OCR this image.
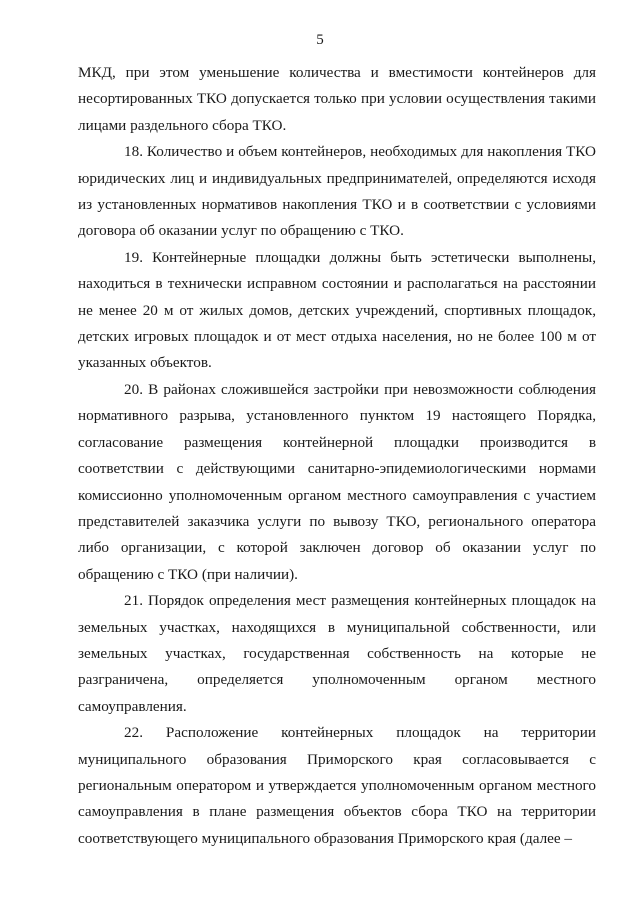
5

МКД, при этом уменьшение количества и вместимости контейнеров для несортированных ТКО допускается только при условии осуществления такими лицами раздельного сбора ТКО.

18. Количество и объем контейнеров, необходимых для накопления ТКО юридических лиц и индивидуальных предпринимателей, определяются исходя из установленных нормативов накопления ТКО и в соответствии с условиями договора об оказании услуг по обращению с ТКО.

19. Контейнерные площадки должны быть эстетически выполнены, находиться в технически исправном состоянии и располагаться на расстоянии не менее 20 м от жилых домов, детских учреждений, спортивных площадок, детских игровых площадок и от мест отдыха населения, но не более 100 м от указанных объектов.

20. В районах сложившейся застройки при невозможности соблюдения нормативного разрыва, установленного пунктом 19 настоящего Порядка, согласование размещения контейнерной площадки производится в соответствии с действующими санитарно-эпидемиологическими нормами комиссионно уполномоченным органом местного самоуправления с участием представителей заказчика услуги по вывозу ТКО, регионального оператора либо организации, с которой заключен договор об оказании услуг по обращению с ТКО (при наличии).

21. Порядок определения мест размещения контейнерных площадок на земельных участках, находящихся в муниципальной собственности, или земельных участках, государственная собственность на которые не разграничена, определяется уполномоченным органом местного самоуправления.

22. Расположение контейнерных площадок на территории муниципального образования Приморского края согласовывается с региональным оператором и утверждается уполномоченным органом местного самоуправления в плане размещения объектов сбора ТКО на территории соответствующего муниципального образования Приморского края (далее –
